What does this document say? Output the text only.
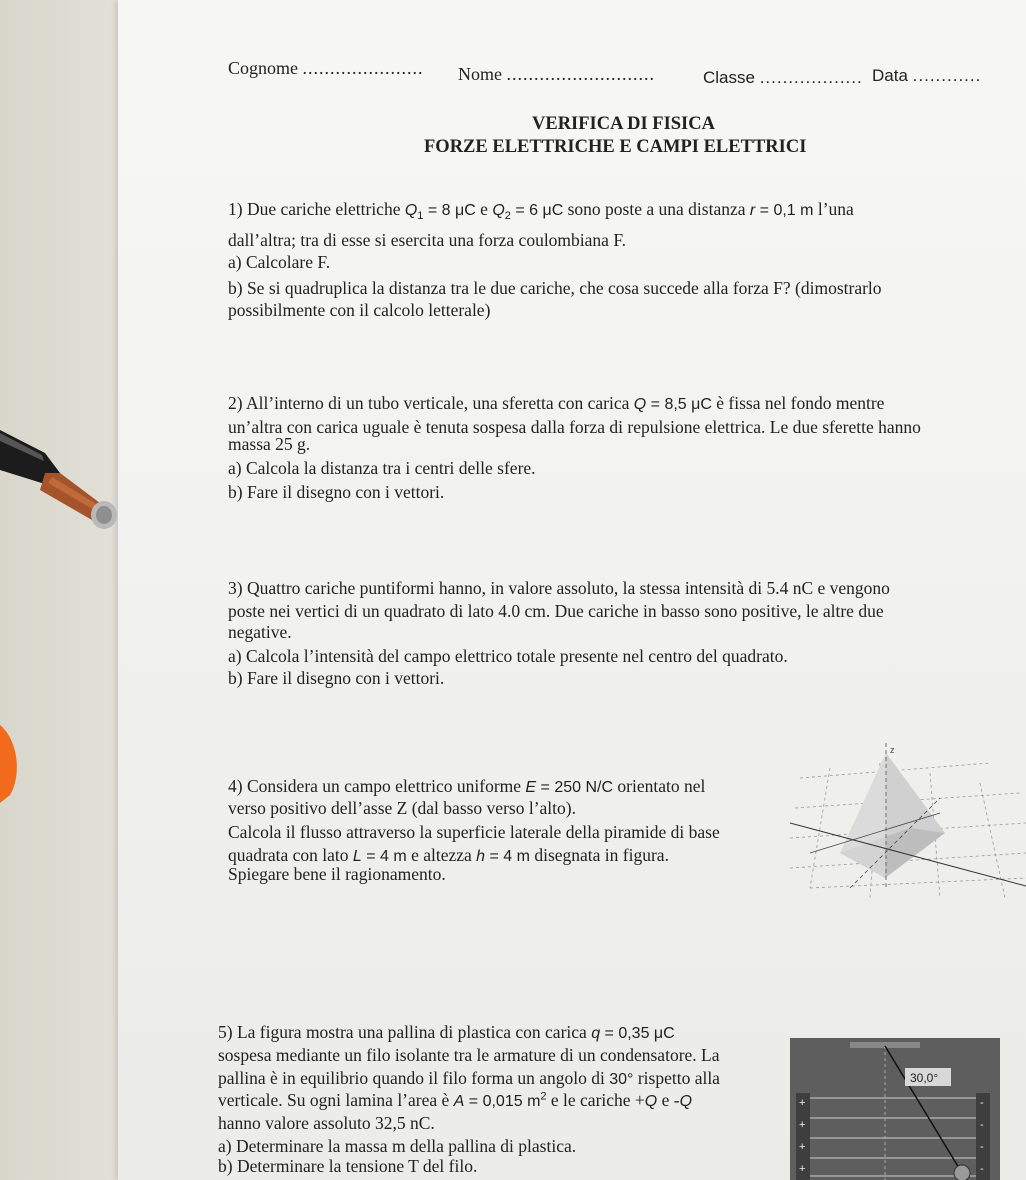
Cognome ...................... Nome ...........................	Classe .................. Data ............
VERIFICA DI FISICA
FORZE ELETTRICHE E CAMPI ELETTRICI
1) Due cariche elettriche $Q_1 = 8$ μC e $Q_2 = 6$ μC sono poste a una distanza r = 0,1 m l’una
dall’altra; tra di esse si esercita una forza coulombiana F.
a) Calcolare F.
b) Se si quadruplica la distanza tra le due cariche, che cosa succede alla forza F? (dimostrarlo
possibilmente con il calcolo letterale)
2) All’interno di un tubo verticale, una sferetta con carica Q = 8,5 μC è fissa nel fondo mentre
un’altra con carica uguale è tenuta sospesa dalla forza di repulsione elettrica. Le due sferette hanno
massa 25 g.
a) Calcola la distanza tra i centri delle sfere.
b) Fare il disegno con i vettori.
3) Quattro cariche puntiformi hanno, in valore assoluto, la stessa intensità di 5.4 nC e vengono
poste nei vertici di un quadrato di lato 4.0 cm. Due cariche in basso sono positive, le altre due
negative.
a) Calcola l’intensità del campo elettrico totale presente nel centro del quadrato.
b) Fare il disegno con i vettori.
4) Considera un campo elettrico uniforme E = 250 N/C orientato nel
verso positivo dell’asse Z (dal basso verso l’alto).
Calcola il flusso attraverso la superficie laterale della piramide di base
quadrata con lato L = 4 m e altezza h = 4 m disegnata in figura.
Spiegare bene il ragionamento.
z
5) La figura mostra una pallina di plastica con carica q = 0,35 μC
sospesa mediante un filo isolante tra le armature di un condensatore. La
pallina è in equilibrio quando il filo forma un angolo di 30° rispetto alla
verticale. Su ogni lamina l’area è A = 0,015 $m^2$ e le cariche +Q e -Q
hanno valore assoluto 32,5 nC.
a) Determinare la massa m della pallina di plastica.
b) Determinare la tensione T del filo.
+
+
+
+
-
-
-
-
30,0°
